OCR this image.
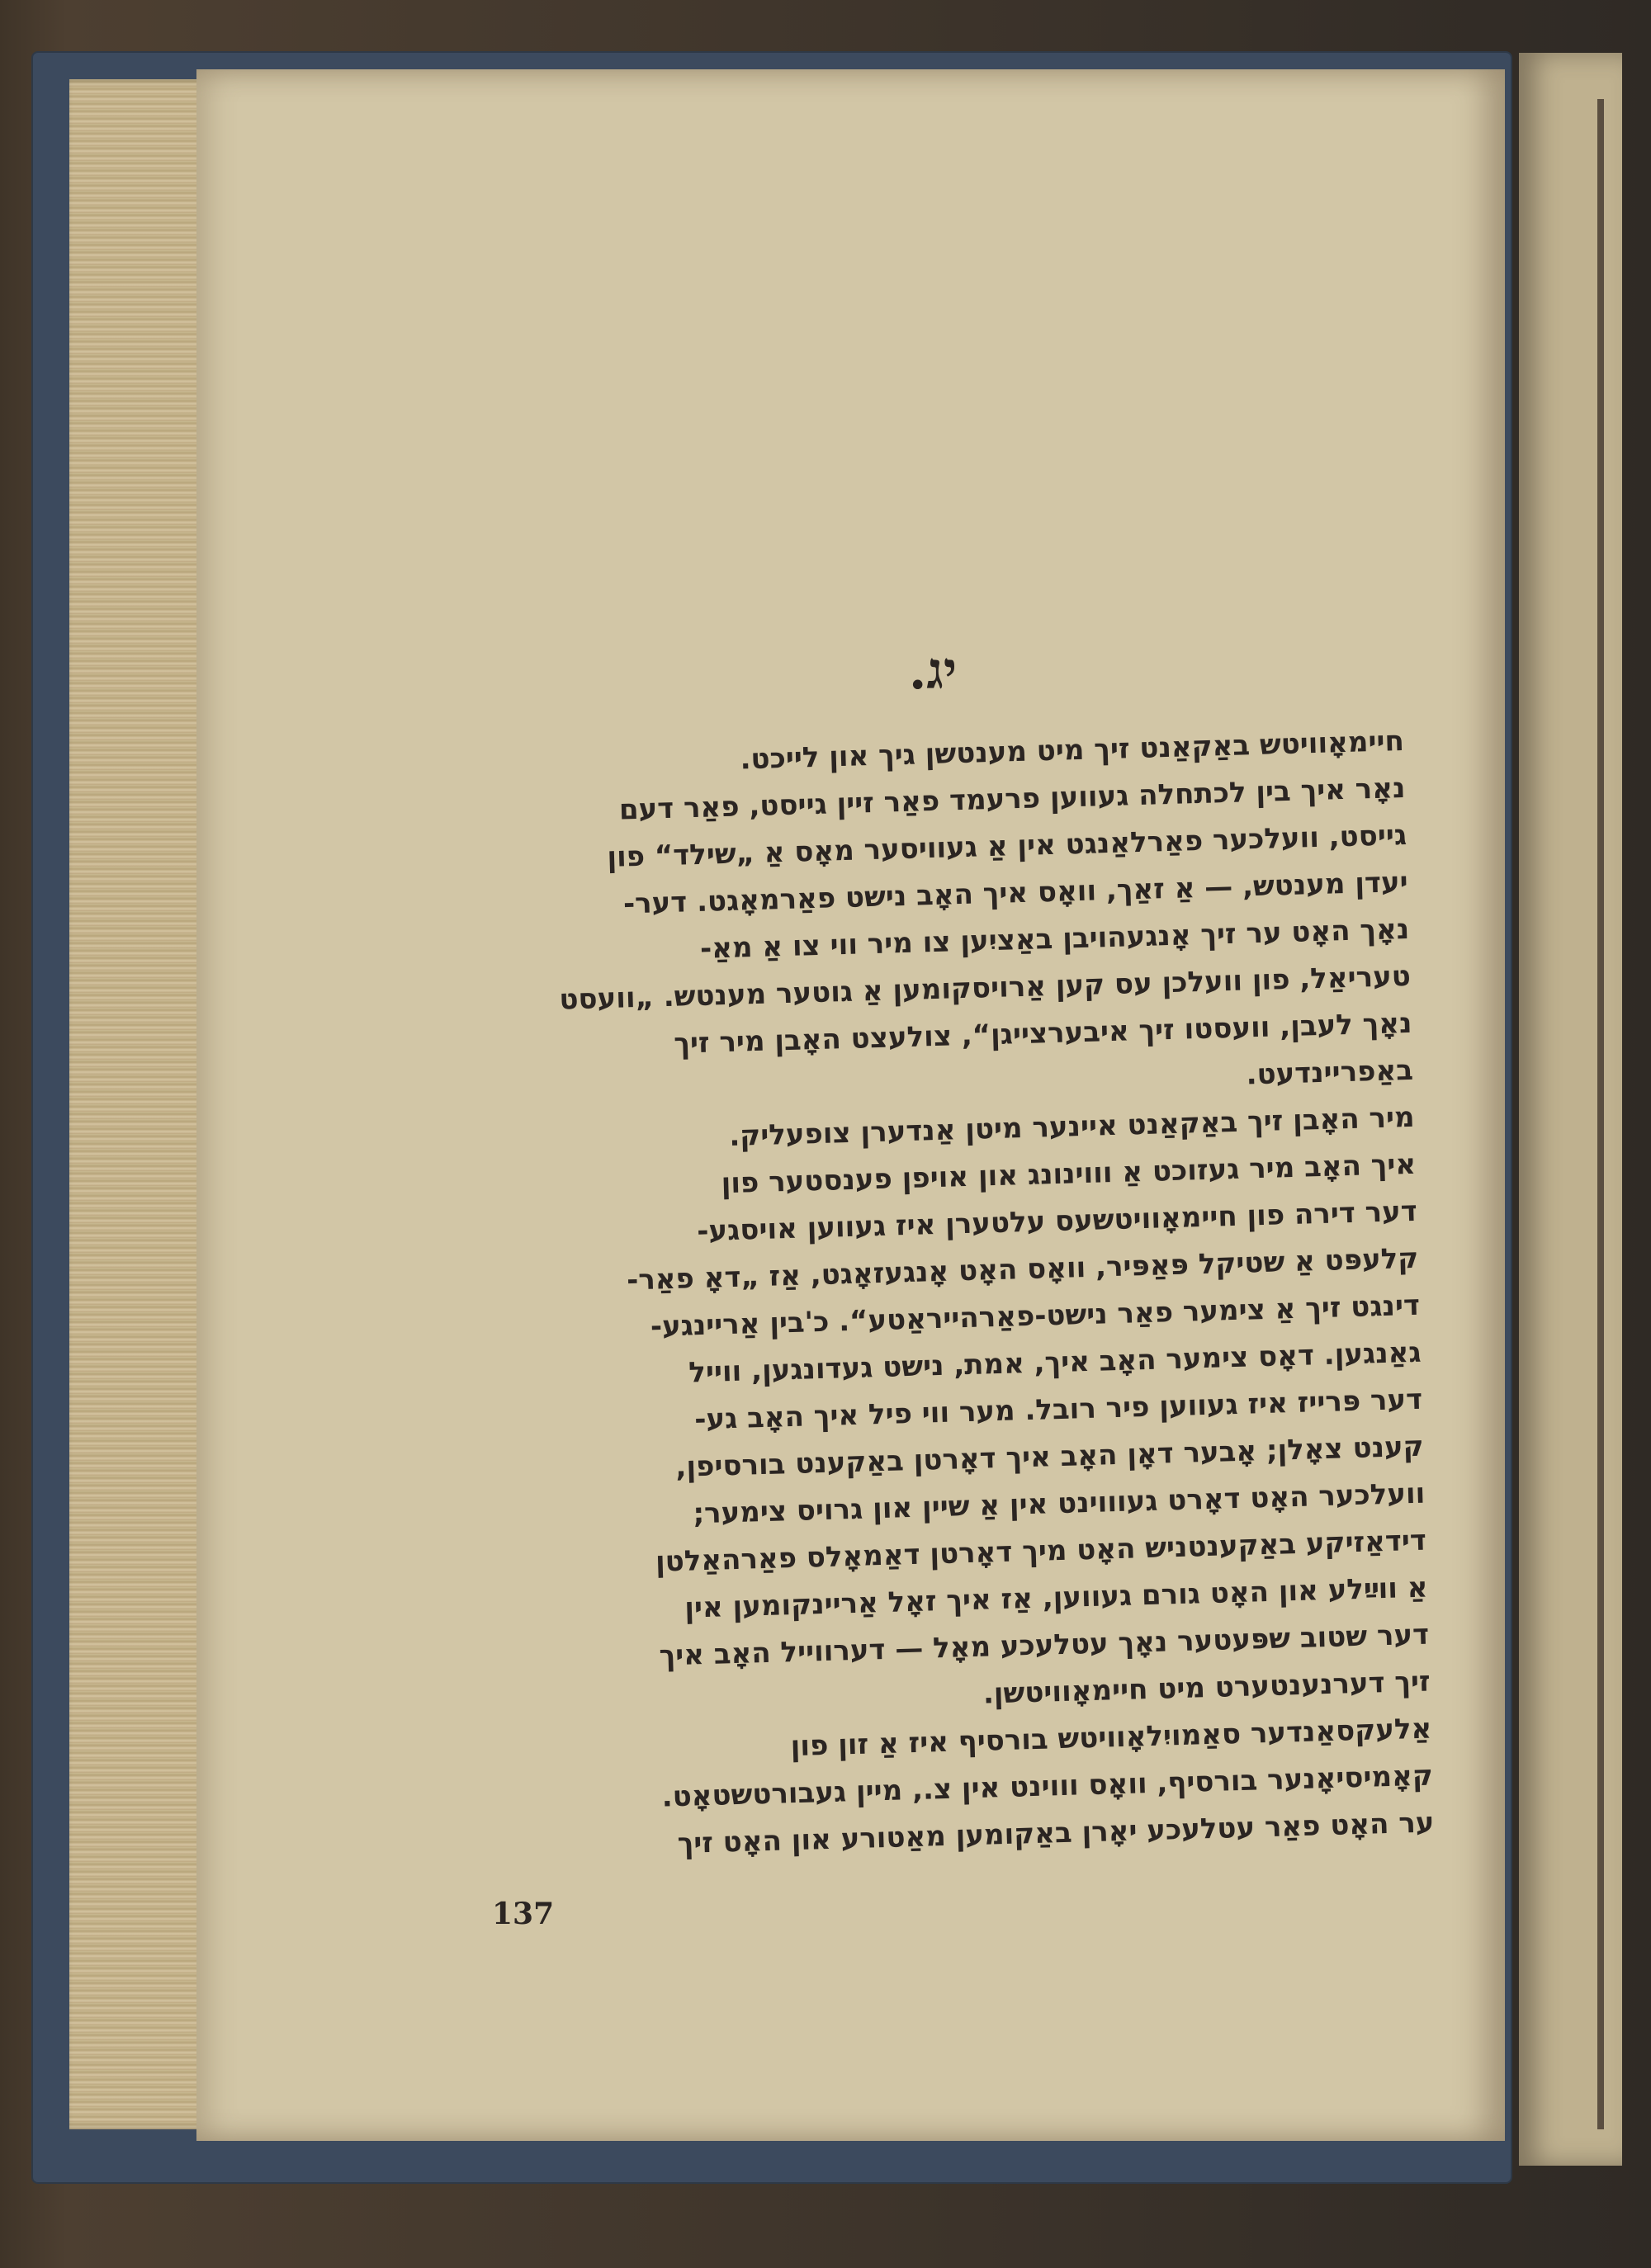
יג.
חיימאָוויטש באַקאַנט זיך מיט מענטשן גיך און לייכט.
נאָר איך בין לכתחלה געווען פרעמד פאַר זיין גייסט, פאַר דעם
גייסט, וועלכער פאַרלאַנגט אין אַ געוויסער מאָס אַ „שילד“ פון
יעדן מענטש, — אַ זאַך, וואָס איך האָב נישט פאַרמאָגט. דער-
נאָך האָט ער זיך אָנגעהויבן באַציִען צו מיר ווי צו אַ מאַ-
טעריאַל, פון וועלכן עס קען אַרויסקומען אַ גוטער מענטש. „וועסט
נאָך לעבן, וועסטו זיך איבערצייגן“, צולעצט האָבן מיר זיך
באַפריינדעט.
מיר האָבן זיך באַקאַנט איינער מיטן אַנדערן צופעליק.
איך האָב מיר געזוכט אַ וווינונג און אויפן פענסטער פון
דער דירה פון חיימאָוויטשעס עלטערן איז געווען אויסגע-
קלעפּט אַ שטיקל פּאַפּיר, וואָס האָט אָנגעזאָגט, אַז „דאָ פאַר-
דינגט זיך אַ צימער פאַר נישט-פאַרהייראַטע“. כ'בין אַריינגע-
גאַנגען. דאָס צימער האָב איך, אמת, נישט געדונגען, ווייל
דער פּרייז איז געווען פיר רובל. מער ווי פיל איך האָב גע-
קענט צאָלן; אָבער דאָן האָב איך דאָרטן באַקענט בורסיפן,
וועלכער האָט דאָרט געוווינט אין אַ שיין און גרויס צימער;
דידאַזיקע באַקענטניש האָט מיך דאָרטן דאַמאָלס פאַרהאַלטן
אַ ווײַלע און האָט גורם געווען, אַז איך זאָל אַריינקומען אין
דער שטוב שפּעטער נאָך עטלעכע מאָל — דערווייל האָב איך
זיך דערנענטערט מיט חיימאָוויטשן.
אַלעקסאַנדער סאַמויִלאָוויטש בורסיף איז אַ זון פון
קאָמיסיאָנער בורסיף, וואָס וווינט אין צ., מיין געבורטשטאָט.
ער האָט פאַר עטלעכע יאָרן באַקומען מאַטורע און האָט זיך
137
